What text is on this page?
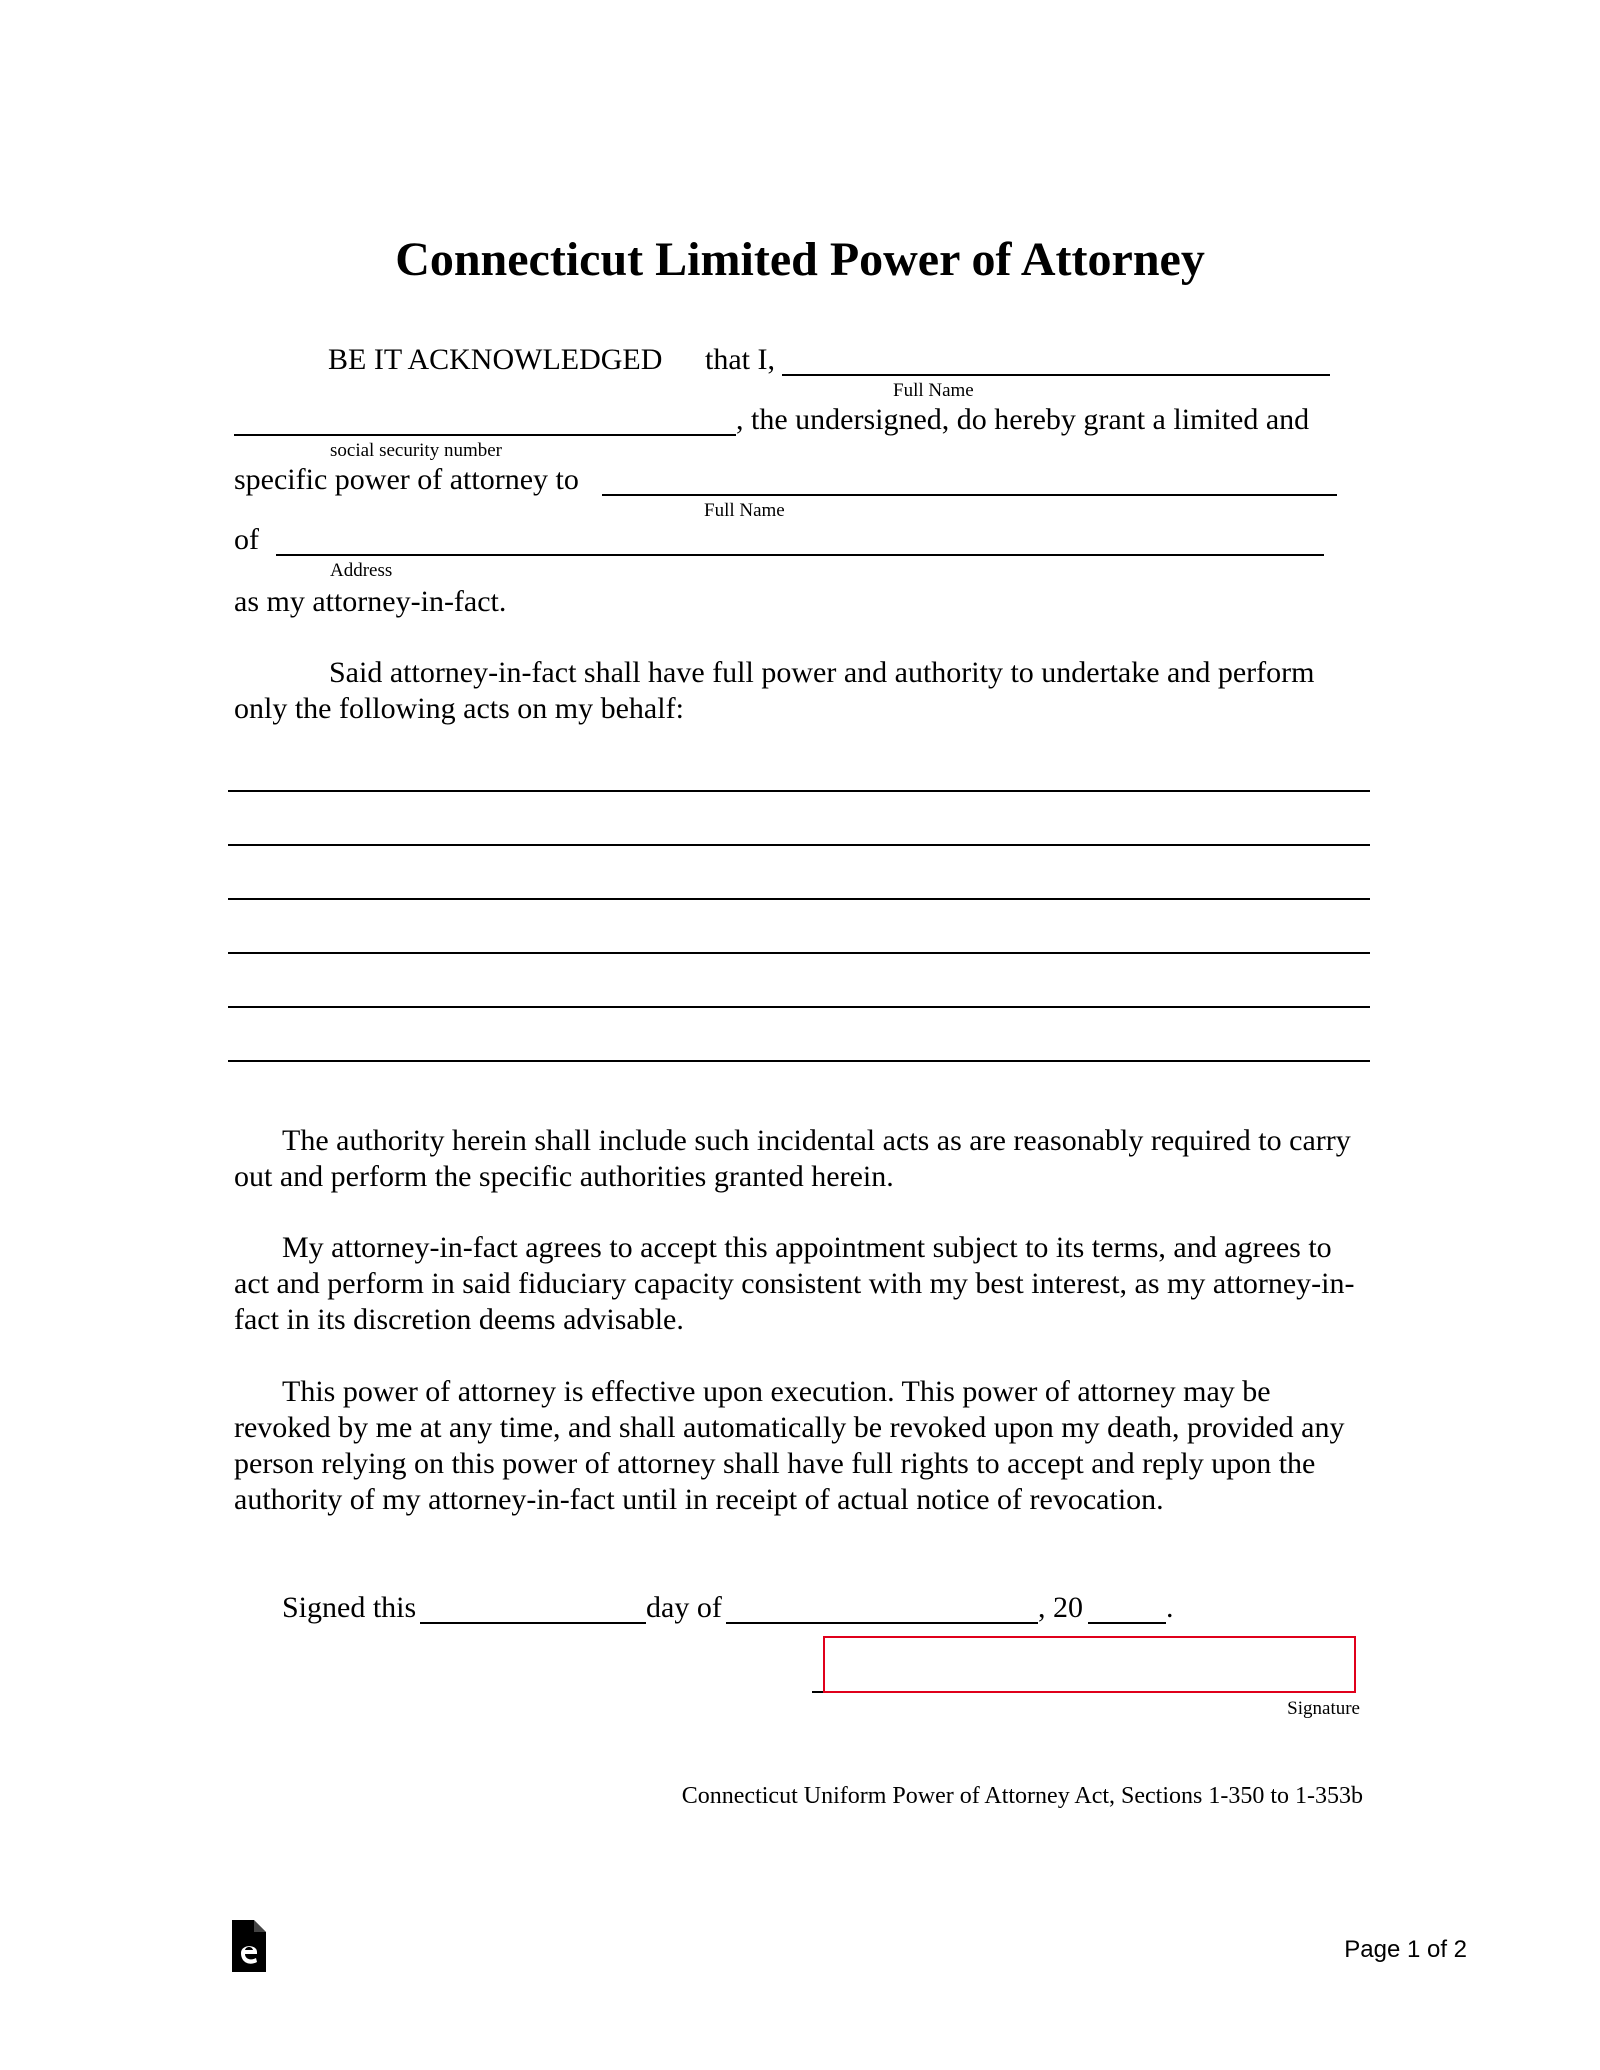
Connecticut Limited Power of Attorney
BE IT ACKNOWLEDGED that I,
Full Name
, the undersigned, do hereby grant a limited and
social security number
specific power of attorney to
Full Name
of
Address
as my attorney-in-fact.

Said attorney-in-fact shall have full power and authority to undertake and perform only the following acts on my behalf:

The authority herein shall include such incidental acts as are reasonably required to carry out and perform the specific authorities granted herein.

My attorney-in-fact agrees to accept this appointment subject to its terms, and agrees to act and perform in said fiduciary capacity consistent with my best interest, as my attorney-in-fact in its discretion deems advisable.

This power of attorney is effective upon execution. This power of attorney may be revoked by me at any time, and shall automatically be revoked upon my death, provided any person relying on this power of attorney shall have full rights to accept and reply upon the authority of my attorney-in-fact until in receipt of actual notice of revocation.

Signed this	day of	, 20	.
Signature
Connecticut Uniform Power of Attorney Act, Sections 1-350 to 1-353b
Page 1 of 2
